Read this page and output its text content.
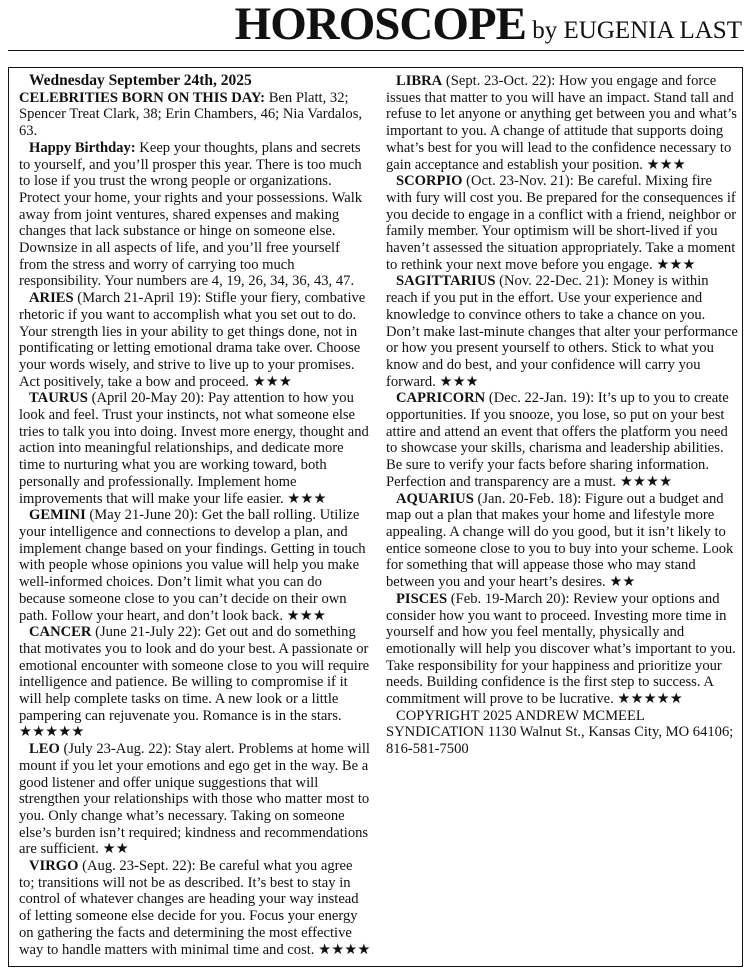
HOROSCOPE by EUGENIA LAST

Wednesday September 24th, 2025

CELEBRITIES BORN ON THIS DAY: Ben Platt, 32; Spencer Treat Clark, 38; Erin Chambers, 46; Nia Vardalos, 63.

Happy Birthday: Keep your thoughts, plans and secrets to yourself, and you’ll prosper this year. There is too much to lose if you trust the wrong people or organizations. Protect your home, your rights and your possessions. Walk away from joint ventures, shared expenses and making changes that lack substance or hinge on someone else. Downsize in all aspects of life, and you’ll free yourself from the stress and worry of carrying too much responsibility. Your numbers are 4, 19, 26, 34, 36, 43, 47.

ARIES (March 21-April 19): Stifle your fiery, combative rhetoric if you want to accomplish what you set out to do. Your strength lies in your ability to get things done, not in pontificating or letting emotional drama take over. Choose your words wisely, and strive to live up to your promises. Act positively, take a bow and proceed. ★★★

TAURUS (April 20-May 20): Pay attention to how you look and feel. Trust your instincts, not what someone else tries to talk you into doing. Invest more energy, thought and action into meaningful relationships, and dedicate more time to nurturing what you are working toward, both personally and professionally. Implement home improvements that will make your life easier. ★★★

GEMINI (May 21-June 20): Get the ball rolling. Utilize your intelligence and connections to develop a plan, and implement change based on your findings. Getting in touch with people whose opinions you value will help you make well-informed choices. Don’t limit what you can do because someone close to you can’t decide on their own path. Follow your heart, and don’t look back. ★★★

CANCER (June 21-July 22): Get out and do something that motivates you to look and do your best. A passionate or emotional encounter with someone close to you will require intelligence and patience. Be willing to compromise if it will help complete tasks on time. A new look or a little pampering can rejuvenate you. Romance is in the stars. ★★★★★

LEO (July 23-Aug. 22): Stay alert. Problems at home will mount if you let your emotions and ego get in the way. Be a good listener and offer unique suggestions that will strengthen your relationships with those who matter most to you. Only change what’s necessary. Taking on someone else’s burden isn’t required; kindness and recommendations are sufficient. ★★

VIRGO (Aug. 23-Sept. 22): Be careful what you agree to; transitions will not be as described. It’s best to stay in control of whatever changes are heading your way instead of letting someone else decide for you. Focus your energy on gathering the facts and determining the most effective way to handle matters with minimal time and cost. ★★★★

LIBRA (Sept. 23-Oct. 22): How you engage and force issues that matter to you will have an impact. Stand tall and refuse to let anyone or anything get between you and what’s important to you. A change of attitude that supports doing what’s best for you will lead to the confidence necessary to gain acceptance and establish your position. ★★★

SCORPIO (Oct. 23-Nov. 21): Be careful. Mixing fire with fury will cost you. Be prepared for the consequences if you decide to engage in a conflict with a friend, neighbor or family member. Your optimism will be short-lived if you haven’t assessed the situation appropriately. Take a moment to rethink your next move before you engage. ★★★

SAGITTARIUS (Nov. 22-Dec. 21): Money is within reach if you put in the effort. Use your experience and knowledge to convince others to take a chance on you. Don’t make last-minute changes that alter your performance or how you present yourself to others. Stick to what you know and do best, and your confidence will carry you forward. ★★★

CAPRICORN (Dec. 22-Jan. 19): It’s up to you to create opportunities. If you snooze, you lose, so put on your best attire and attend an event that offers the platform you need to showcase your skills, charisma and leadership abilities. Be sure to verify your facts before sharing information. Perfection and transparency are a must. ★★★★

AQUARIUS (Jan. 20-Feb. 18): Figure out a budget and map out a plan that makes your home and lifestyle more appealing. A change will do you good, but it isn’t likely to entice someone close to you to buy into your scheme. Look for something that will appease those who may stand between you and your heart’s desires. ★★

PISCES (Feb. 19-March 20): Review your options and consider how you want to proceed. Investing more time in yourself and how you feel mentally, physically and emotionally will help you discover what’s important to you. Take responsibility for your happiness and prioritize your needs. Building confidence is the first step to success. A commitment will prove to be lucrative. ★★★★★

COPYRIGHT 2025 ANDREW MCMEEL SYNDICATION 1130 Walnut St., Kansas City, MO 64106; 816-581-7500
